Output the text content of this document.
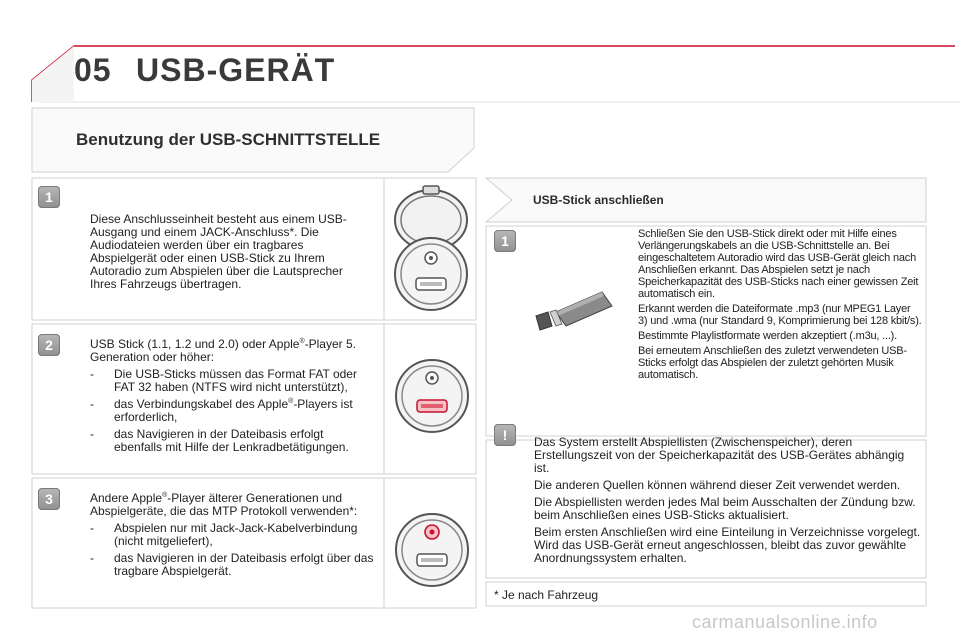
05 USB-GERÄT
Benutzung der USB-SCHNITTSTELLE
1

Diese Anschlusseinheit besteht aus einem USB-Ausgang und einem JACK-Anschluss*. Die Audiodateien werden über ein tragbares Abspielgerät oder einen USB-Stick zu Ihrem Autoradio zum Abspielen über die Lautsprecher Ihres Fahrzeugs übertragen.

2	USB Stick (1.1, 1.2 und 2.0) oder Apple®-Player 5. Generation oder höher:

-	Die USB-Sticks müssen das Format FAT oder FAT 32 haben (NTFS wird nicht unterstützt),
-	das Verbindungskabel des Apple®-Players ist erforderlich,
-	das Navigieren in der Dateibasis erfolgt ebenfalls mit Hilfe der Lenkradbetätigungen.
3	Andere Apple®-Player älterer Generationen und Abspielgeräte, die das MTP Protokoll verwenden*:

-	Abspielen nur mit Jack-Jack-Kabelverbindung (nicht mitgeliefert),
-	das Navigieren in der Dateibasis erfolgt über das tragbare Abspielgerät.
USB-Stick anschließen
1	Schließen Sie den USB-Stick direkt oder mit Hilfe eines Verlängerungskabels an die USB-Schnittstelle an. Bei eingeschaltetem Autoradio wird das USB-Gerät gleich nach Anschließen erkannt. Das Abspielen setzt je nach Speicherkapazität des USB-Sticks nach einer gewissen Zeit automatisch ein.

Erkannt werden die Dateiformate .mp3 (nur MPEG1 Layer 3) und .wma (nur Standard 9, Komprimierung bei 128 kbit/s).

Bestimmte Playlistformate werden akzeptiert (.m3u, ...).

Bei erneutem Anschließen des zuletzt verwendeten USB-Sticks erfolgt das Abspielen der zuletzt gehörten Musik automatisch.

!	Das System erstellt Abspiellisten (Zwischenspeicher), deren Erstellungszeit von der Speicherkapazität des USB-Gerätes abhängig ist.

Die anderen Quellen können während dieser Zeit verwendet werden.

Die Abspiellisten werden jedes Mal beim Ausschalten der Zündung bzw. beim Anschließen eines USB-Sticks aktualisiert.

Beim ersten Anschließen wird eine Einteilung in Verzeichnisse vorgelegt. Wird das USB-Gerät erneut angeschlossen, bleibt das zuvor gewählte Anordnungssystem erhalten.

* Je nach Fahrzeug
carmanualsonline.info
